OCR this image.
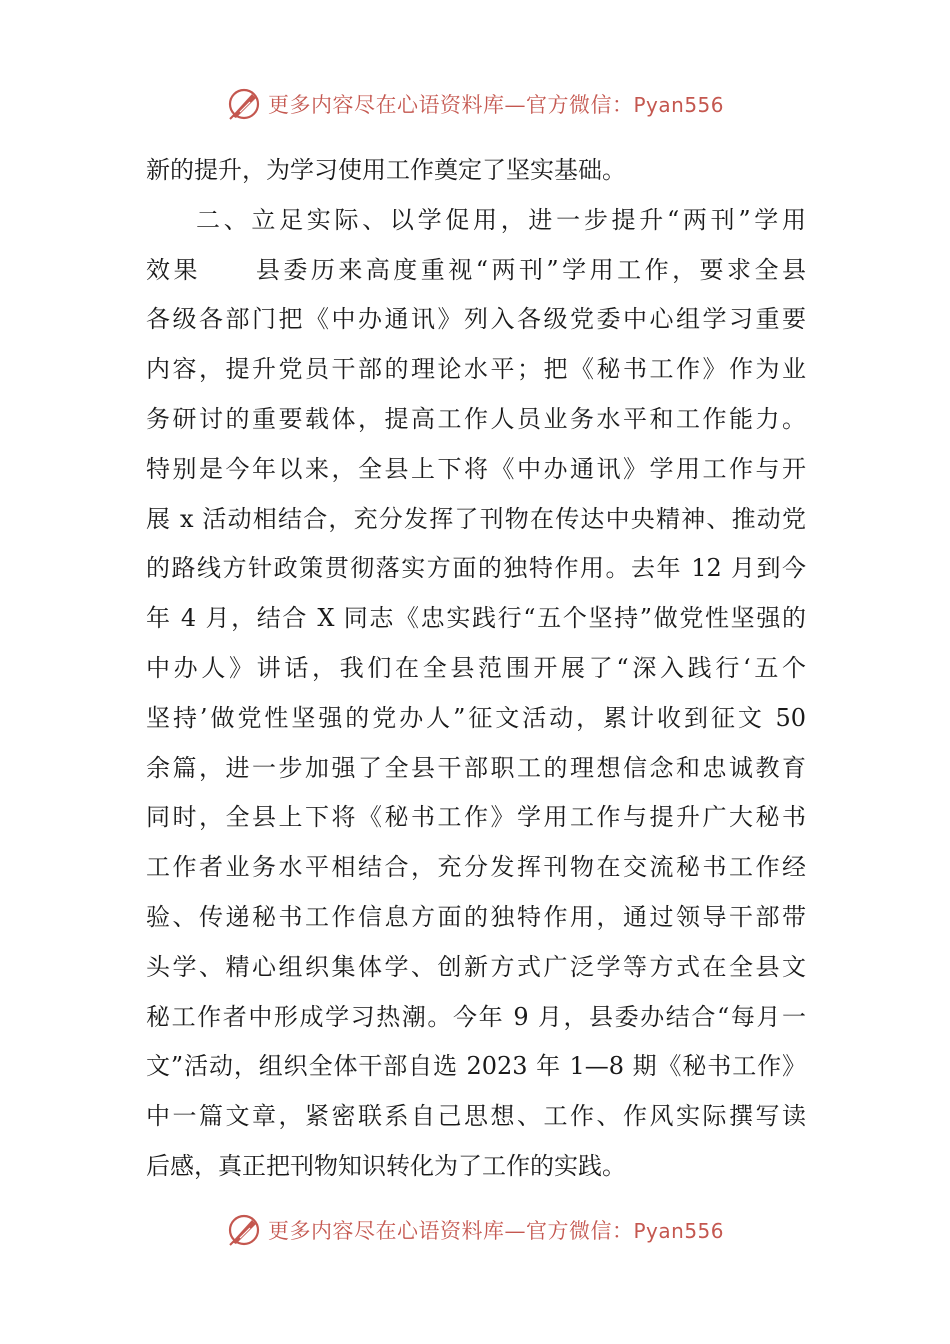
更多内容尽在心语资料库—官方微信：Pyan556
新的提升，为学习使用工作奠定了坚实基础。
二、立足实际、以学促用，进一步提升“两刊”学用
效果　　县委历来高度重视“两刊”学用工作，要求全县
各级各部门把《中办通讯》列入各级党委中心组学习重要
内容，提升党员干部的理论水平；把《秘书工作》作为业
务研讨的重要载体，提高工作人员业务水平和工作能力。
特别是今年以来，全县上下将《中办通讯》学用工作与开
展 x 活动相结合，充分发挥了刊物在传达中央精神、推动党
的路线方针政策贯彻落实方面的独特作用。去年 12 月到今
年 4 月，结合 X 同志《忠实践行“五个坚持”做党性坚强的
中办人》讲话，我们在全县范围开展了“深入践行‘五个
坚持’做党性坚强的党办人”征文活动，累计收到征文 50
余篇，进一步加强了全县干部职工的理想信念和忠诚教育
同时，全县上下将《秘书工作》学用工作与提升广大秘书
工作者业务水平相结合，充分发挥刊物在交流秘书工作经
验、传递秘书工作信息方面的独特作用，通过领导干部带
头学、精心组织集体学、创新方式广泛学等方式在全县文
秘工作者中形成学习热潮。今年 9 月，县委办结合“每月一
文”活动，组织全体干部自选 2023 年 1—8 期《秘书工作》
中一篇文章，紧密联系自己思想、工作、作风实际撰写读
后感，真正把刊物知识转化为了工作的实践。
更多内容尽在心语资料库—官方微信：Pyan556
